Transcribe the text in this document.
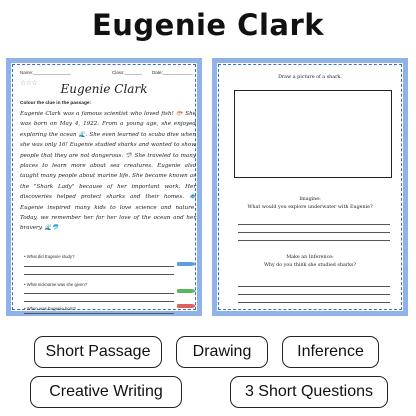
Eugenie Clark
Name:_______________	Class:_______ Date:____________
☆☆☆	Eugenie Clark
Colour the clue in the passage:
Eugenie Clark was a famous scientist who loved fish! 🐡 She was born on May 4, 1922. From a young age, she enjoyed exploring the ocean 🌊. She even learned to scuba dive when she was only 16! Eugenie studied sharks and wanted to show people that they are not dangerous. 🦈 She traveled to many places to learn more about sea creatures. Eugenie also taught many people about marine life. She became known as the "Shark Lady" because of her important work. Her discoveries helped protect sharks and their homes. 🐟 Eugenie inspired many kids to love science and nature. Today, we remember her for her love of the ocean and her bravery. 🌊🐬
• What did Eugenie study?
• What nickname was she given?
• When was Eugenie born?
Draw a picture of a shark.
Imagine:
What would you explore underwater with Eugenie?
Make an Inference:
Why do you think she studied sharks?
Short Passage	Drawing	Inference
Creative Writing	3 Short Questions
